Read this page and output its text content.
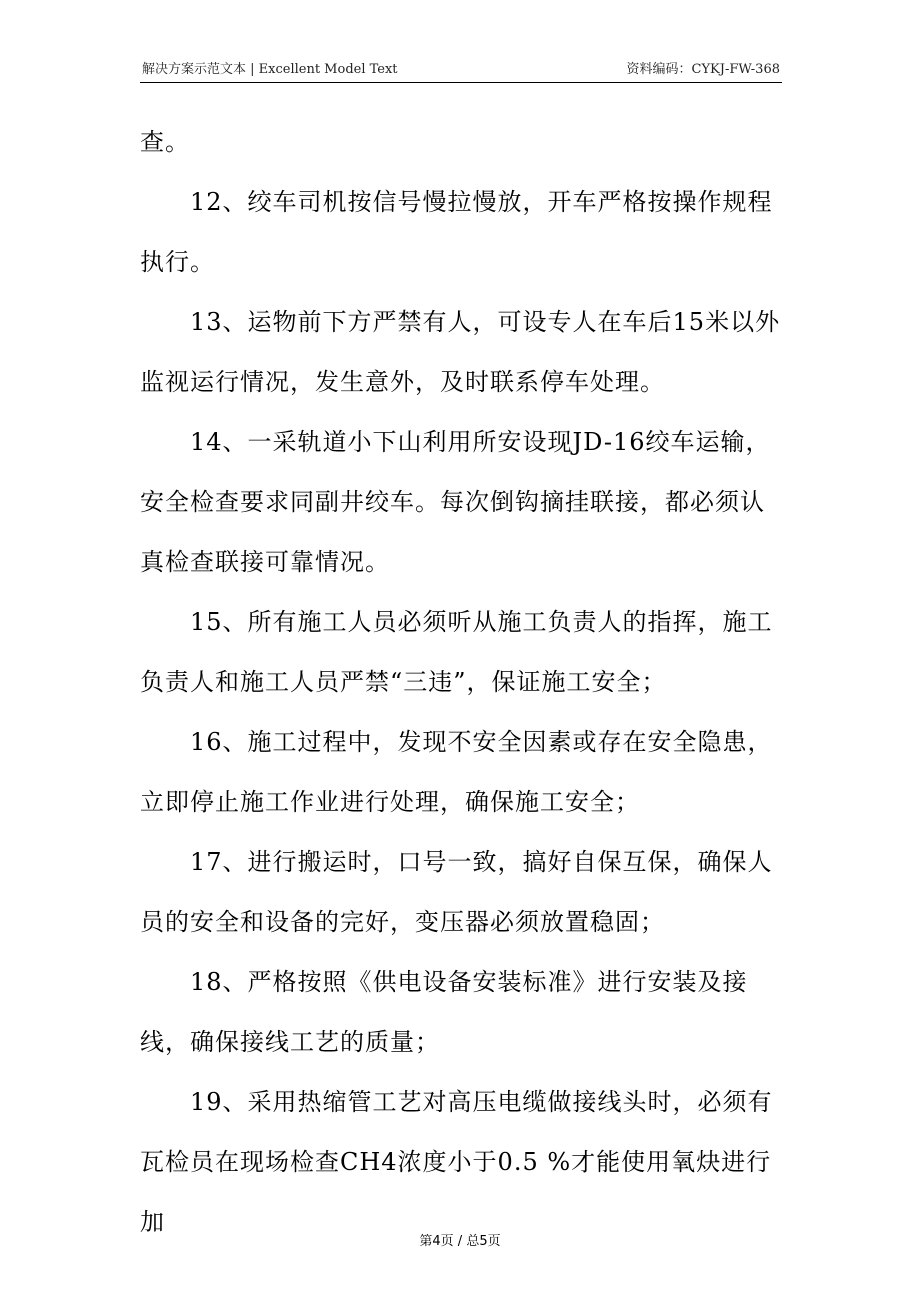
解决方案示范文本 | Excellent Model Text	资料编码：CYKJ-FW-368

查。

12、绞车司机按信号慢拉慢放，开车严格按操作规程执行。

13、运物前下方严禁有人，可设专人在车后15米以外监视运行情况，发生意外，及时联系停车处理。

14、一采轨道小下山利用所安设现JD-16绞车运输，安全检查要求同副井绞车。每次倒钩摘挂联接，都必须认真检查联接可靠情况。

15、所有施工人员必须听从施工负责人的指挥，施工负责人和施工人员严禁“三违”，保证施工安全；

16、施工过程中，发现不安全因素或存在安全隐患，立即停止施工作业进行处理，确保施工安全；

17、进行搬运时，口号一致，搞好自保互保，确保人员的安全和设备的完好，变压器必须放置稳固；

18、严格按照《供电设备安装标准》进行安装及接线，确保接线工艺的质量；

19、采用热缩管工艺对高压电缆做接线头时，必须有瓦检员在现场检查CH4浓度小于0.5 %才能使用氧炔进行加

第4页 / 总5页
